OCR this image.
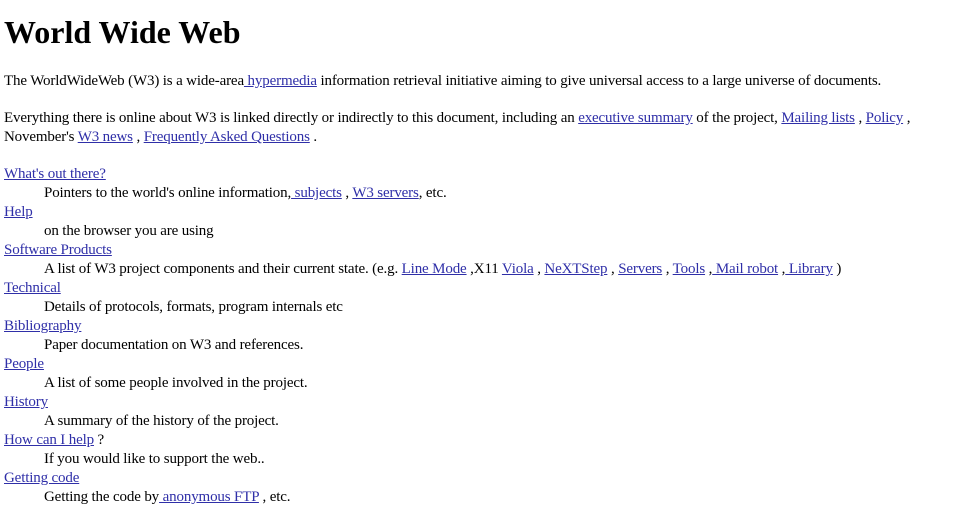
World Wide Web

The WorldWideWeb (W3) is a wide-area hypermedia information retrieval initiative aiming to give universal access to a large universe of documents.

Everything there is online about W3 is linked directly or indirectly to this document, including an executive summary of the project, Mailing lists , Policy , November's W3 news , Frequently Asked Questions .

What's out there?
Pointers to the world's online information, subjects , W3 servers, etc.
Help
on the browser you are using
Software Products
A list of W3 project components and their current state. (e.g. Line Mode ,X11 Viola , NeXTStep , Servers , Tools , Mail robot , Library )
Technical
Details of protocols, formats, program internals etc
Bibliography
Paper documentation on W3 and references.
People
A list of some people involved in the project.
History
A summary of the history of the project.
How can I help ?
If you would like to support the web..
Getting code
Getting the code by anonymous FTP , etc.
